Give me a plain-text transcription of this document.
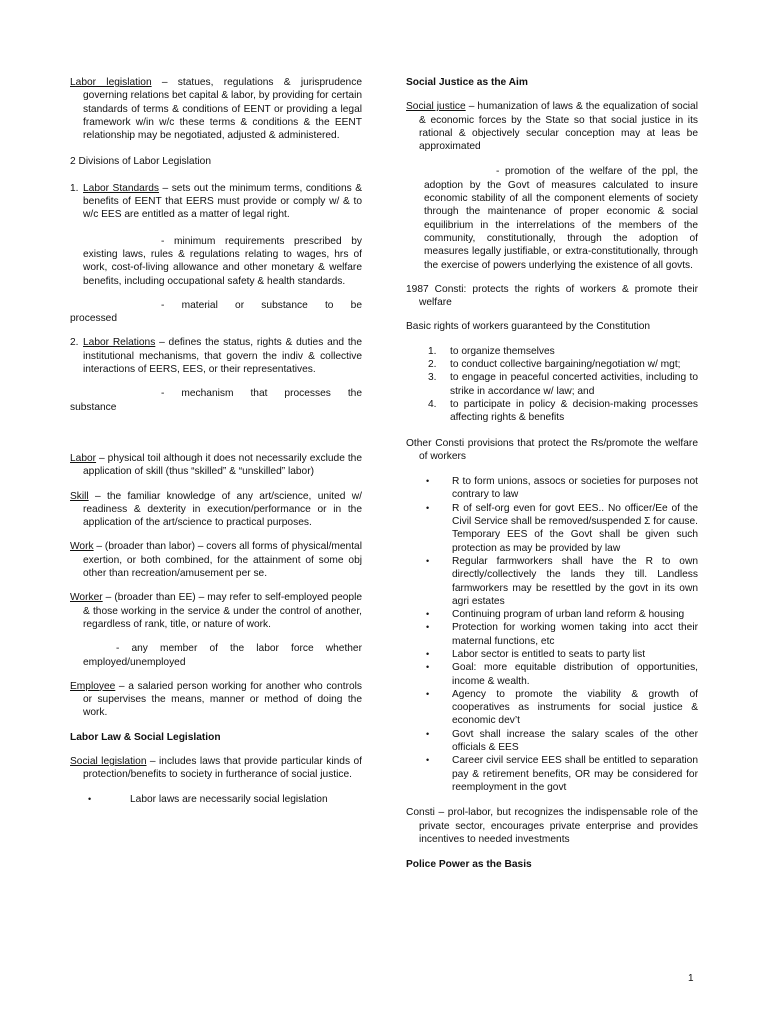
Labor legislation – statues, regulations & jurisprudence governing relations bet capital & labor, by providing for certain standards of terms & conditions of EENT or providing a legal framework w/in w/c these terms & conditions & the EENT relationship may be negotiated, adjusted & administered.
2 Divisions of Labor Legislation
1. Labor Standards – sets out the minimum terms, conditions & benefits of EENT that EERS must provide or comply w/ & to w/c EES are entitled as a matter of legal right.
- minimum requirements prescribed by existing laws, rules & regulations relating to wages, hrs of work, cost-of-living allowance and other monetary & welfare benefits, including occupational safety & health standards.
- material or substance to be processed
2. Labor Relations – defines the status, rights & duties and the institutional mechanisms, that govern the indiv & collective interactions of EERS, EES, or their representatives.
- mechanism that processes the substance
Labor – physical toil although it does not necessarily exclude the application of skill (thus “skilled” & “unskilled” labor)
Skill – the familiar knowledge of any art/science, united w/ readiness & dexterity in execution/performance or in the application of the art/science to practical purposes.
Work – (broader than labor) – covers all forms of physical/mental exertion, or both combined, for the attainment of some obj other than recreation/amusement per se.
Worker – (broader than EE) – may refer to self-employed people & those working in the service & under the control of another, regardless of rank, title, or nature of work.
- any member of the labor force whether employed/unemployed
Employee – a salaried person working for another who controls or supervises the means, manner or method of doing the work.
Labor Law & Social Legislation
Social legislation – includes laws that provide particular kinds of protection/benefits to society in furtherance of social justice.
•	Labor laws are necessarily social legislation
Social Justice as the Aim
Social justice – humanization of laws & the equalization of social & economic forces by the State so that social justice in its rational & objectively secular conception may at leas be approximated
- promotion of the welfare of the ppl, the adoption by the Govt of measures calculated to insure economic stability of all the component elements of society through the maintenance of proper economic & social equilibrium in the interrelations of the members of the community, constitutionally, through the adoption of measures legally justifiable, or extra-constitutionally, through the exercise of powers underlying the existence of all govts.
1987 Consti: protects the rights of workers & promote their welfare
Basic rights of workers guaranteed by the Constitution
1.	to organize themselves
2.	to conduct collective bargaining/negotiation w/ mgt;
3.	to engage in peaceful concerted activities, including to strike in accordance w/ law; and
4.	to participate in policy & decision-making processes affecting rights & benefits
Other Consti provisions that protect the Rs/promote the welfare of workers
•	R to form unions, assocs or societies for purposes not contrary to law
•	R of self-org even for govt EES.. No officer/Ee of the Civil Service shall be removed/suspended Σ for cause. Temporary EES of the Govt shall be given such protection as may be provided by law
•	Regular farmworkers shall have the R to own directly/collectively the lands they till. Landless farmworkers may be resettled by the govt in its own agri estates
•	Continuing program of urban land reform & housing
•	Protection for working women taking into acct their maternal functions, etc
•	Labor sector is entitled to seats to party list
•	Goal: more equitable distribution of opportunities, income & wealth.
•	Agency to promote the viability & growth of cooperatives as instruments for social justice & economic dev’t
•	Govt shall increase the salary scales of the other officials & EES
•	Career civil service EES shall be entitled to separation pay & retirement benefits, OR may be considered for reemployment in the govt
Consti – prol-labor, but recognizes the indispensable role of the private sector, encourages private enterprise and provides incentives to needed investments
Police Power as the Basis
1
